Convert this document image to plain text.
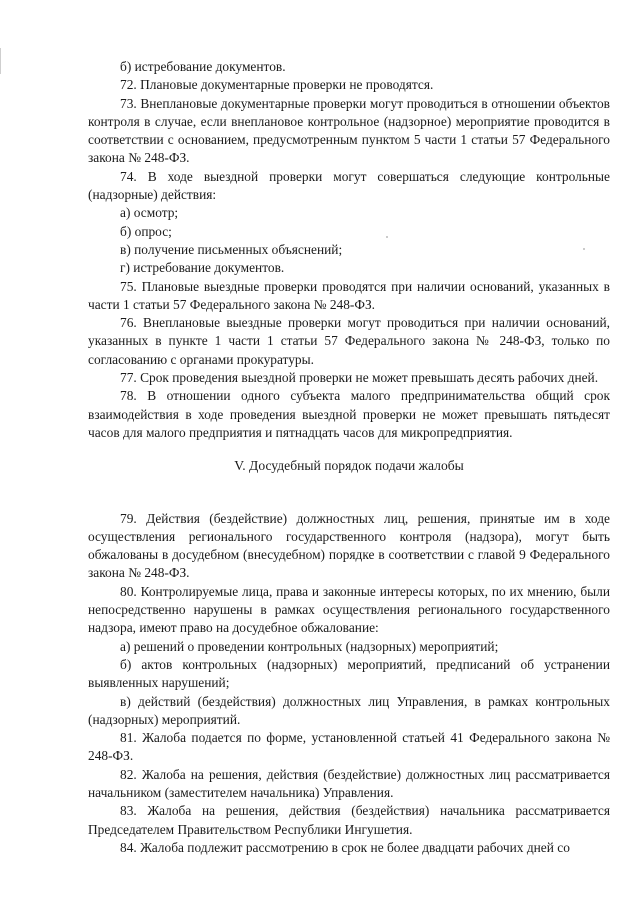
б) истребование документов.

72. Плановые документарные проверки не проводятся.

73. Внеплановые документарные проверки могут проводиться в отношении объектов контроля в случае, если внеплановое контрольное (надзорное) мероприятие проводится в соответствии с основанием, предусмотренным пунктом 5 части 1 статьи 57 Федерального закона № 248-ФЗ.

74. В ходе выездной проверки могут совершаться следующие контрольные (надзорные) действия:

а) осмотр;

б) опрос;

в) получение письменных объяснений;

г) истребование документов.

75. Плановые выездные проверки проводятся при наличии оснований, указанных в части 1 статьи 57 Федерального закона № 248-ФЗ.

76. Внеплановые выездные проверки могут проводиться при наличии оснований, указанных в пункте 1 части 1 статьи 57 Федерального закона № 248-ФЗ, только по согласованию с органами прокуратуры.

77. Срок проведения выездной проверки не может превышать десять рабочих дней.

78. В отношении одного субъекта малого предпринимательства общий срок взаимодействия в ходе проведения выездной проверки не может превышать пятьдесят часов для малого предприятия и пятнадцать часов для микропредприятия.

V. Досудебный порядок подачи жалобы

79. Действия (бездействие) должностных лиц, решения, принятые им в ходе осуществления регионального государственного контроля (надзора), могут быть обжалованы в досудебном (внесудебном) порядке в соответствии с главой 9 Федерального закона № 248-ФЗ.

80. Контролируемые лица, права и законные интересы которых, по их мнению, были непосредственно нарушены в рамках осуществления регионального государственного надзора, имеют право на досудебное обжалование:

а) решений о проведении контрольных (надзорных) мероприятий;

б) актов контрольных (надзорных) мероприятий, предписаний об устранении выявленных нарушений;

в) действий (бездействия) должностных лиц Управления, в рамках контрольных (надзорных) мероприятий.

81. Жалоба подается по форме, установленной статьей 41 Федерального закона № 248-ФЗ.

82. Жалоба на решения, действия (бездействие) должностных лиц рассматривается начальником (заместителем начальника) Управления.

83. Жалоба на решения, действия (бездействия) начальника рассматривается Председателем Правительством Республики Ингушетия.

84. Жалоба подлежит рассмотрению в срок не более двадцати рабочих дней со
